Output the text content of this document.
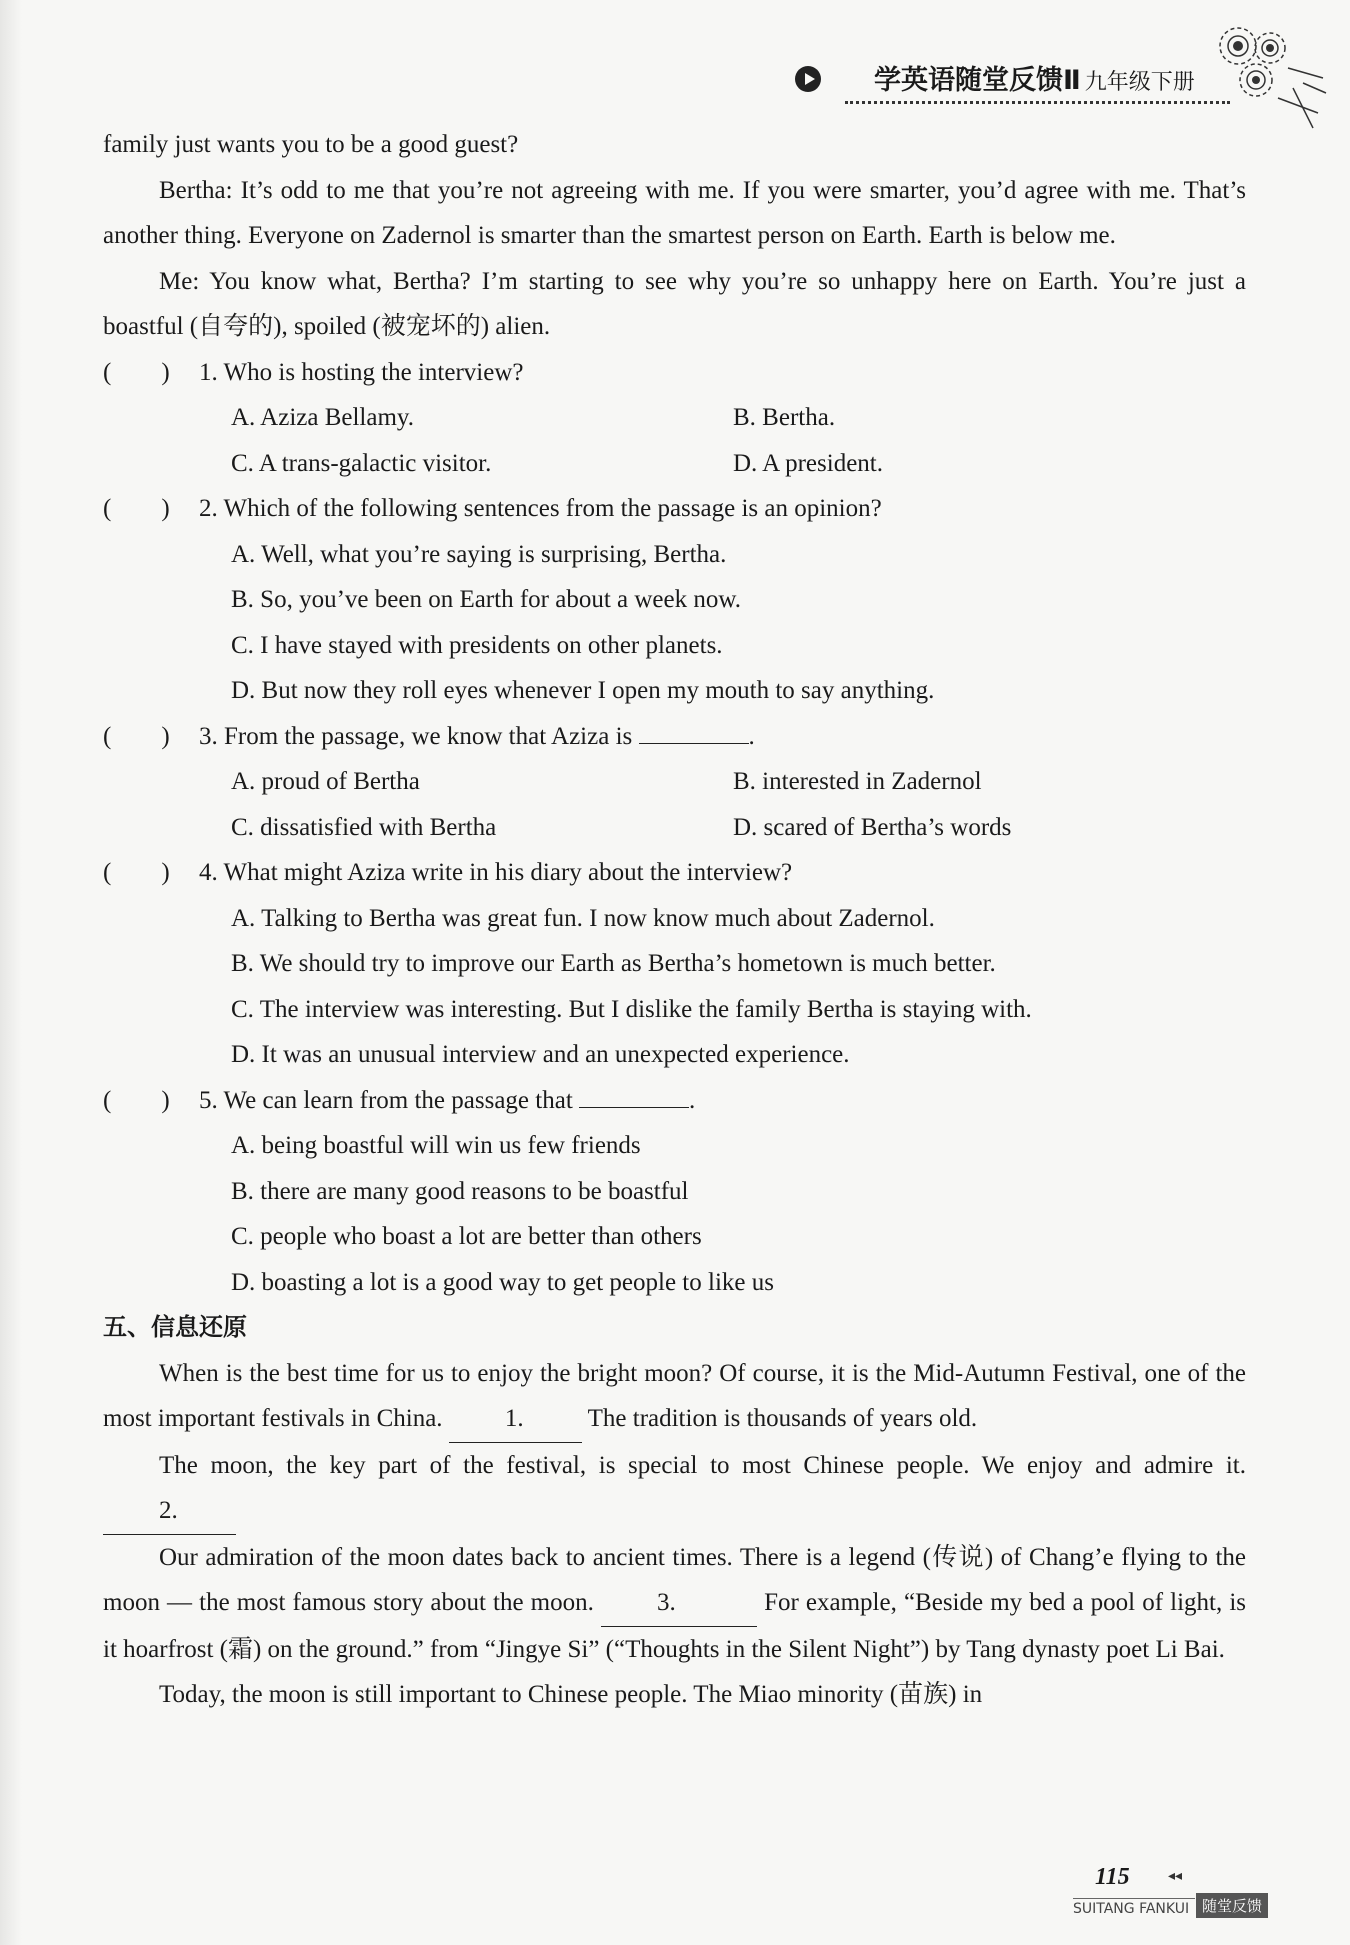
学英语随堂反馈Ⅱ 九年级下册

family just wants you to be a good guest?

Bertha: It’s odd to me that you’re not agreeing with me. If you were smarter, you’d agree with me. That’s another thing. Everyone on Zadernol is smarter than the smartest person on Earth. Earth is below me.

Me: You know what, Bertha? I’m starting to see why you’re so unhappy here on Earth. You’re just a boastful (自夸的), spoiled (被宠坏的) alien.

(　　) 1. Who is hosting the interview?
A. Aziza Bellamy.	B. Bertha.
C. A trans-galactic visitor.	D. A president.
(　　) 2. Which of the following sentences from the passage is an opinion?
A. Well, what you’re saying is surprising, Bertha.
B. So, you’ve been on Earth for about a week now.
C. I have stayed with presidents on other planets.
D. But now they roll eyes whenever I open my mouth to say anything.
(　　) 3. From the passage, we know that Aziza is	.
A. proud of Bertha	B. interested in Zadernol
C. dissatisfied with Bertha	D. scared of Bertha’s words
(　　) 4. What might Aziza write in his diary about the interview?
A. Talking to Bertha was great fun. I now know much about Zadernol.
B. We should try to improve our Earth as Bertha’s hometown is much better.
C. The interview was interesting. But I dislike the family Bertha is staying with.
D. It was an unusual interview and an unexpected experience.
(　　) 5. We can learn from the passage that	.
A. being boastful will win us few friends
B. there are many good reasons to be boastful
C. people who boast a lot are better than others
D. boasting a lot is a good way to get people to like us

五、信息还原

When is the best time for us to enjoy the bright moon? Of course, it is the Mid-Autumn Festival, one of the most important festivals in China. 1.	The tradition is thousands of years old.

The moon, the key part of the festival, is special to most Chinese people. We enjoy and admire it. 2.

Our admiration of the moon dates back to ancient times. There is a legend (传说) of Chang’e flying to the moon — the most famous story about the moon.	3.	For example, “Beside my bed a pool of light, is it hoarfrost (霜) on the ground.” from “Jingye Si” (“Thoughts in the Silent Night”) by Tang dynasty poet Li Bai.

Today, the moon is still important to Chinese people. The Miao minority (苗族) in

115	◂◂
SUITANG FANKUI 随堂反馈
